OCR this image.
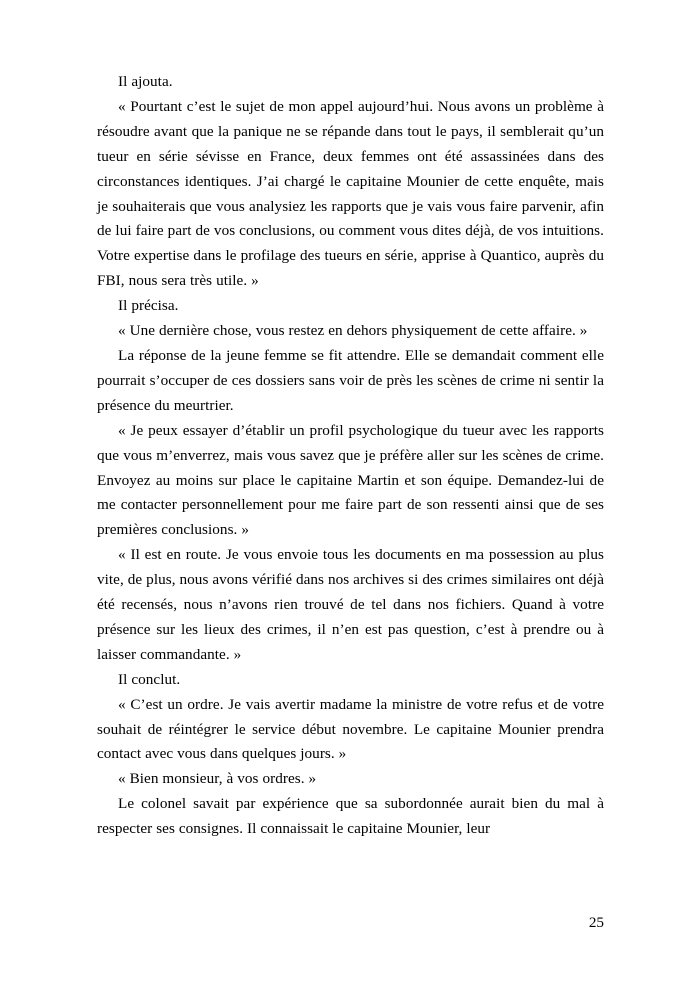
Il ajouta.

« Pourtant c’est le sujet de mon appel aujourd’hui. Nous avons un problème à résoudre avant que la panique ne se répande dans tout le pays, il semblerait qu’un tueur en série sévisse en France, deux femmes ont été assassinées dans des circonstances identiques. J’ai chargé le capitaine Mounier de cette enquête, mais je souhaiterais que vous analysiez les rapports que je vais vous faire parvenir, afin de lui faire part de vos conclusions, ou comment vous dites déjà, de vos intuitions. Votre expertise dans le profilage des tueurs en série, apprise à Quantico, auprès du FBI, nous sera très utile. »

Il précisa.

« Une dernière chose, vous restez en dehors physiquement de cette affaire. »

La réponse de la jeune femme se fit attendre. Elle se demandait comment elle pourrait s’occuper de ces dossiers sans voir de près les scènes de crime ni sentir la présence du meurtrier.

« Je peux essayer d’établir un profil psychologique du tueur avec les rapports que vous m’enverrez, mais vous savez que je préfère aller sur les scènes de crime. Envoyez au moins sur place le capitaine Martin et son équipe. Demandez-lui de me contacter personnellement pour me faire part de son ressenti ainsi que de ses premières conclusions. »

« Il est en route. Je vous envoie tous les documents en ma possession au plus vite, de plus, nous avons vérifié dans nos archives si des crimes similaires ont déjà été recensés, nous n’avons rien trouvé de tel dans nos fichiers. Quand à votre présence sur les lieux des crimes, il n’en est pas question, c’est à prendre ou à laisser commandante. »

Il conclut.

« C’est un ordre. Je vais avertir madame la ministre de votre refus et de votre souhait de réintégrer le service début novembre. Le capitaine Mounier prendra contact avec vous dans quelques jours. »

« Bien monsieur, à vos ordres. »

Le colonel savait par expérience que sa subordonnée aurait bien du mal à respecter ses consignes. Il connaissait le capitaine Mounier, leur

25
